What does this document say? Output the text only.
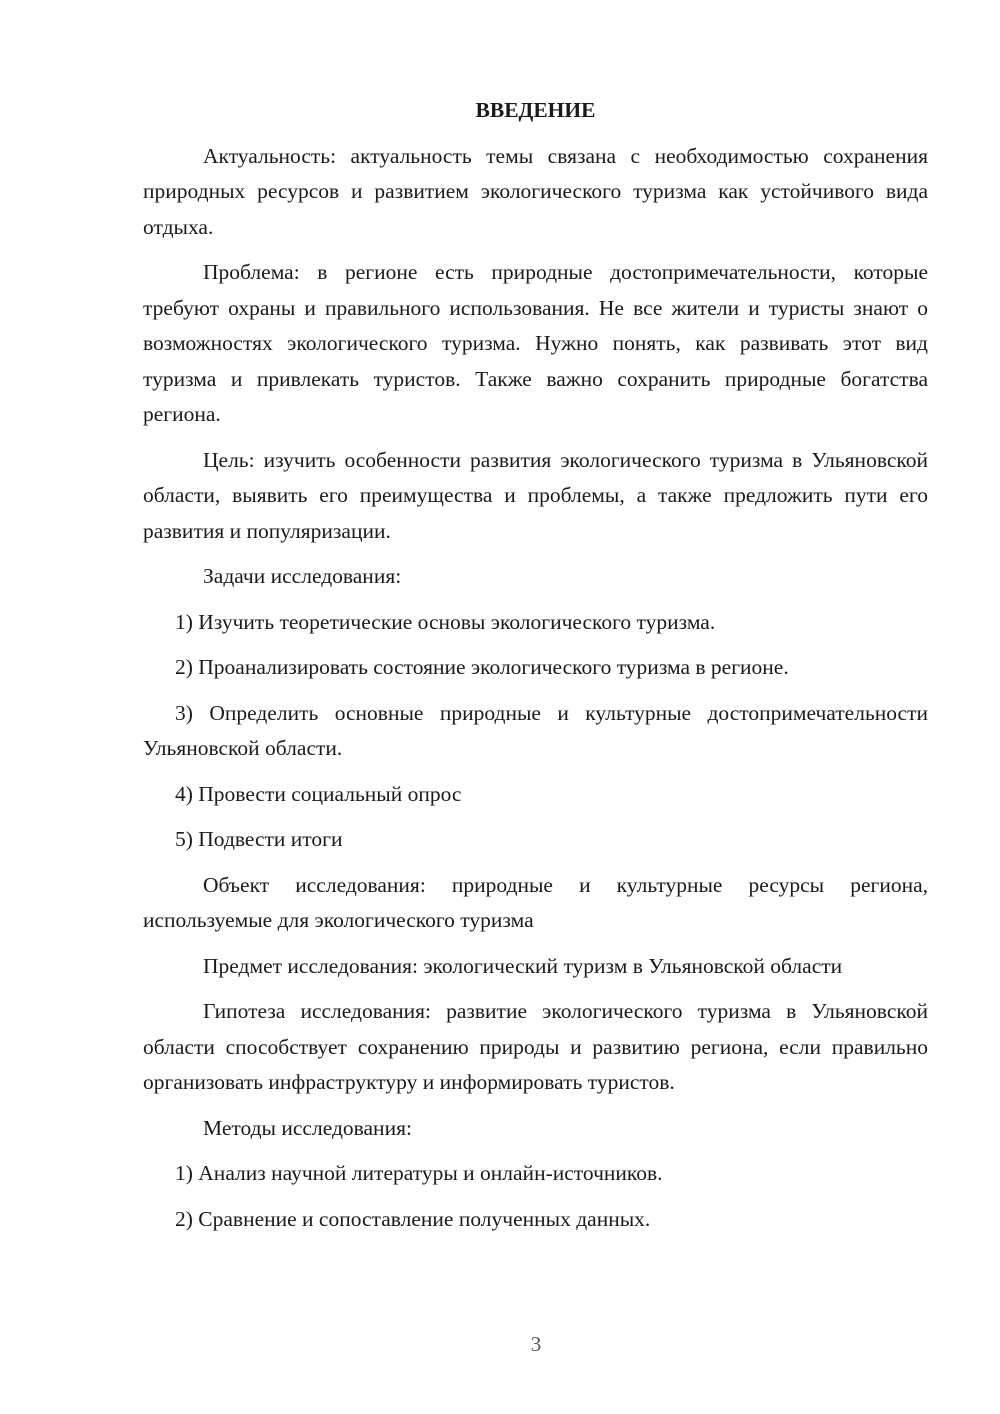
ВВЕДЕНИЕ
Актуальность: актуальность темы связана с необходимостью сохранения природных ресурсов и развитием экологического туризма как устойчивого вида отдыха.
Проблема: в регионе есть природные достопримечательности, которые требуют охраны и правильного использования. Не все жители и туристы знают о возможностях экологического туризма. Нужно понять, как развивать этот вид туризма и привлекать туристов. Также важно сохранить природные богатства региона.
Цель: изучить особенности развития экологического туризма в Ульяновской области, выявить его преимущества и проблемы, а также предложить пути его развития и популяризации.
Задачи исследования:
1) Изучить теоретические основы экологического туризма.
2) Проанализировать состояние экологического туризма в регионе.
3) Определить основные природные и культурные достопримечательности Ульяновской области.
4) Провести социальный опрос
5) Подвести итоги
Объект исследования: природные и культурные ресурсы региона, используемые для экологического туризма
Предмет исследования: экологический туризм в Ульяновской области
Гипотеза исследования: развитие экологического туризма в Ульяновской области способствует сохранению природы и развитию региона, если правильно организовать инфраструктуру и информировать туристов.
Методы исследования:
1) Анализ научной литературы и онлайн-источников.
2) Сравнение и сопоставление полученных данных.
3
